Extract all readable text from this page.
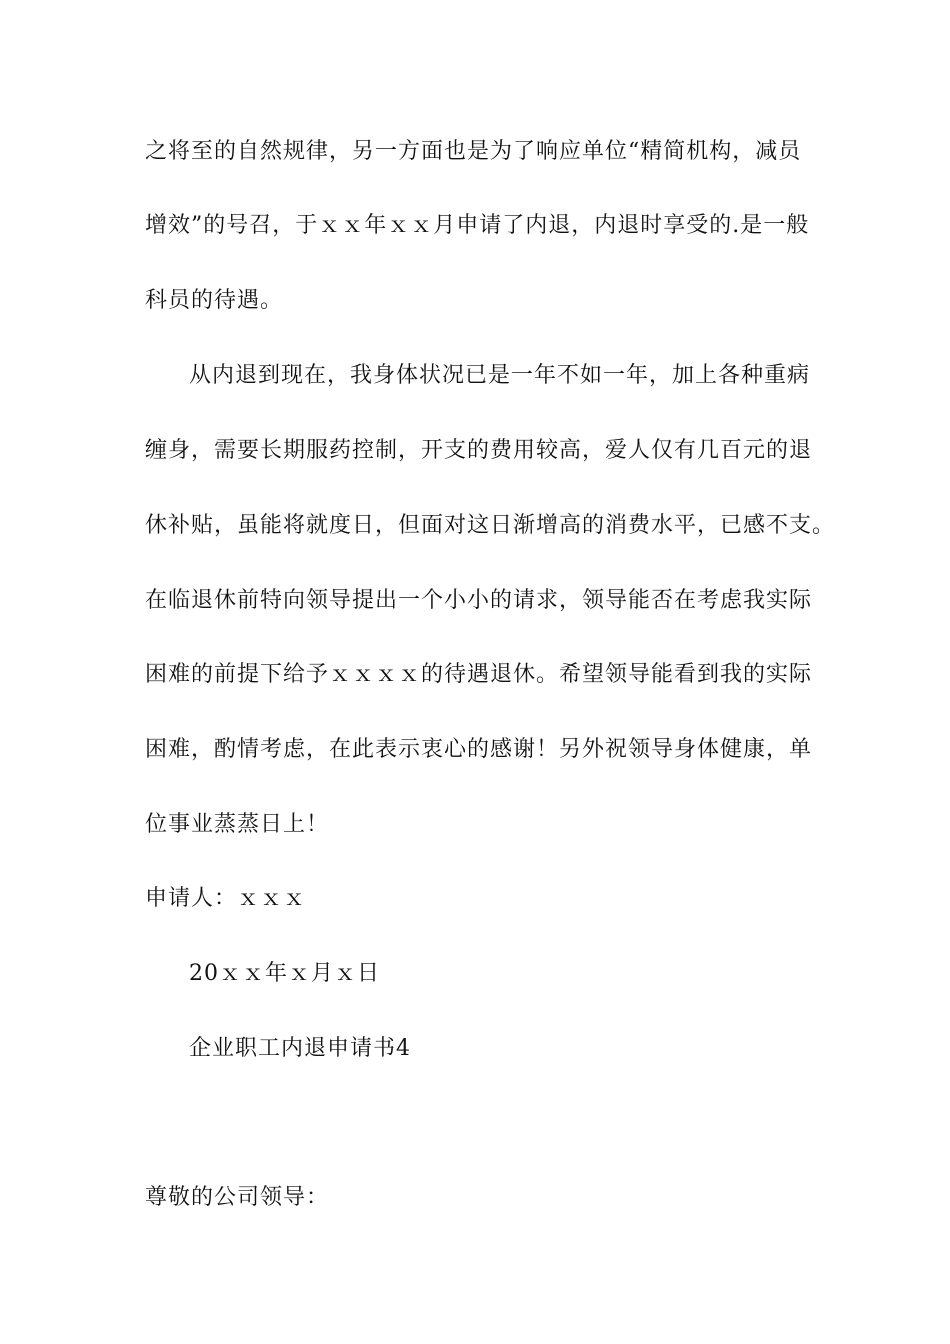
之将至的自然规律，另一方面也是为了响应单位“精简机构，减员
增效”的号召，于ｘｘ年ｘｘ月申请了内退，内退时享受的.是一般
科员的待遇。
从内退到现在，我身体状况已是一年不如一年，加上各种重病
缠身，需要长期服药控制，开支的费用较高，爱人仅有几百元的退
休补贴，虽能将就度日，但面对这日渐增高的消费水平，已感不支。
在临退休前特向领导提出一个小小的请求，领导能否在考虑我实际
困难的前提下给予ｘｘｘｘ的待遇退休。希望领导能看到我的实际
困难，酌情考虑，在此表示衷心的感谢！另外祝领导身体健康，单
位事业蒸蒸日上！
申请人：ｘｘｘ
20ｘｘ年ｘ月ｘ日
企业职工内退申请书4
尊敬的公司领导：
